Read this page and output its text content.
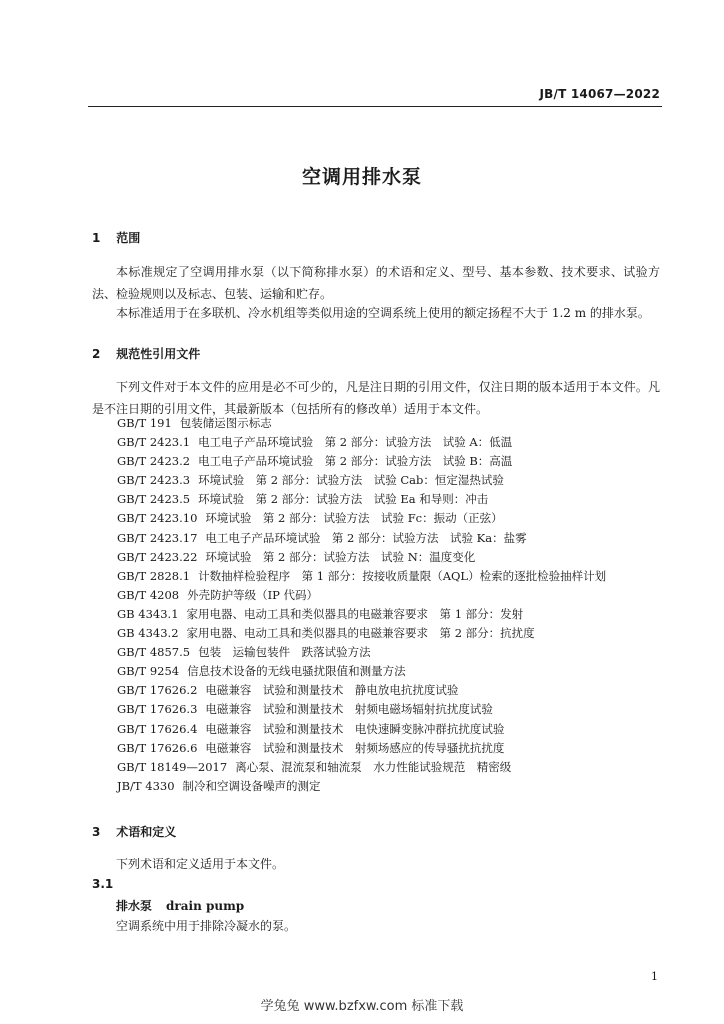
JB/T 14067—2022
空调用排水泵
1 范围
本标准规定了空调用排水泵（以下简称排水泵）的术语和定义、型号、基本参数、技术要求、试验方法、检验规则以及标志、包装、运输和贮存。
本标准适用于在多联机、冷水机组等类似用途的空调系统上使用的额定扬程不大于 1.2 m 的排水泵。
2 规范性引用文件
下列文件对于本文件的应用是必不可少的，凡是注日期的引用文件，仅注日期的版本适用于本文件。凡是不注日期的引用文件，其最新版本（包括所有的修改单）适用于本文件。
GB/T 191 包装储运图示标志
GB/T 2423.1 电工电子产品环境试验　第 2 部分：试验方法　试验 A：低温
GB/T 2423.2 电工电子产品环境试验　第 2 部分：试验方法　试验 B：高温
GB/T 2423.3 环境试验　第 2 部分：试验方法　试验 Cab：恒定湿热试验
GB/T 2423.5 环境试验　第 2 部分：试验方法　试验 Ea 和导则：冲击
GB/T 2423.10 环境试验　第 2 部分：试验方法　试验 Fc：振动（正弦）
GB/T 2423.17 电工电子产品环境试验　第 2 部分：试验方法　试验 Ka：盐雾
GB/T 2423.22 环境试验　第 2 部分：试验方法　试验 N：温度变化
GB/T 2828.1 计数抽样检验程序　第 1 部分：按接收质量限（AQL）检索的逐批检验抽样计划
GB/T 4208 外壳防护等级（IP 代码）
GB 4343.1 家用电器、电动工具和类似器具的电磁兼容要求　第 1 部分：发射
GB 4343.2 家用电器、电动工具和类似器具的电磁兼容要求　第 2 部分：抗扰度
GB/T 4857.5 包装　运输包装件　跌落试验方法
GB/T 9254 信息技术设备的无线电骚扰限值和测量方法
GB/T 17626.2 电磁兼容　试验和测量技术　静电放电抗扰度试验
GB/T 17626.3 电磁兼容　试验和测量技术　射频电磁场辐射抗扰度试验
GB/T 17626.4 电磁兼容　试验和测量技术　电快速瞬变脉冲群抗扰度试验
GB/T 17626.6 电磁兼容　试验和测量技术　射频场感应的传导骚扰抗扰度
GB/T 18149—2017 离心泵、混流泵和轴流泵　水力性能试验规范　精密级
JB/T 4330 制冷和空调设备噪声的测定
3 术语和定义
下列术语和定义适用于本文件。
3.1
排水泵 drain pump
空调系统中用于排除冷凝水的泵。
1
学兔兔 www.bzfxw.com 标准下载
